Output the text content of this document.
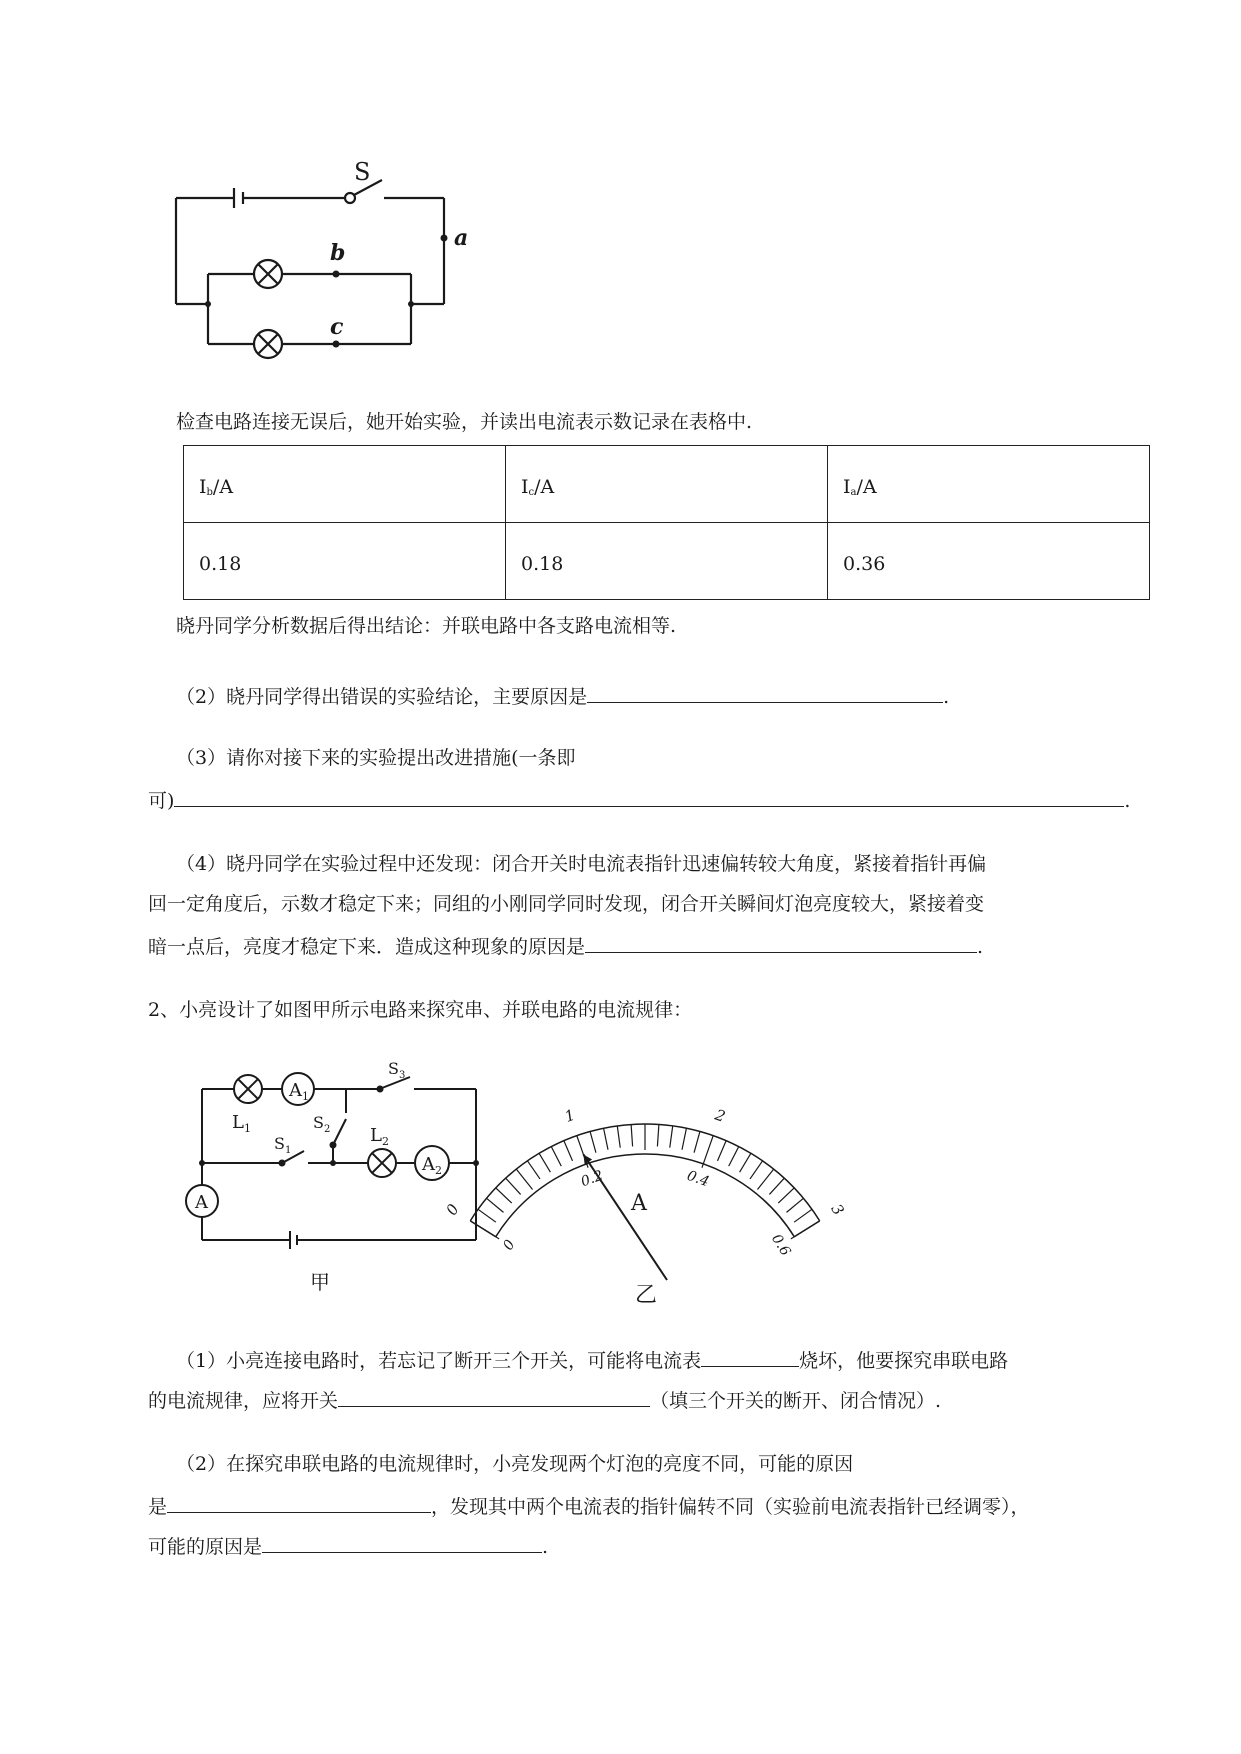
S
a
b
c
检查电路连接无误后，她开始实验，并读出电流表示数记录在表格中.
$I_b/A$	$I_c/A$	$I_a/A$
0.18	0.18	0.36
晓丹同学分析数据后得出结论：并联电路中各支路电流相等.
（2）晓丹同学得出错误的实验结论，主要原因是	.
（3）请你对接下来的实验提出改进措施(一条即
可)	.
（4）晓丹同学在实验过程中还发现：闭合开关时电流表指针迅速偏转较大角度，紧接着指针再偏
回一定角度后，示数才稳定下来；同组的小刚同学同时发现，闭合开关瞬间灯泡亮度较大，紧接着变
暗一点后，亮度才稳定下来．造成这种现象的原因是	.
2、小亮设计了如图甲所示电路来探究串、并联电路的电流规律：
A
$A_1$
$A_2$
$L_1$	$L_2$
$S_1$
$S_2$
$S_3$
甲
0
1	2
3
0
0.2	0.4
0.6
A
乙
（1）小亮连接电路时，若忘记了断开三个开关，可能将电流表	烧坏，他要探究串联电路
的电流规律，应将开关	（填三个开关的断开、闭合情况）.
（2）在探究串联电路的电流规律时，小亮发现两个灯泡的亮度不同，可能的原因
是	，发现其中两个电流表的指针偏转不同（实验前电流表指针已经调零），
可能的原因是	.
